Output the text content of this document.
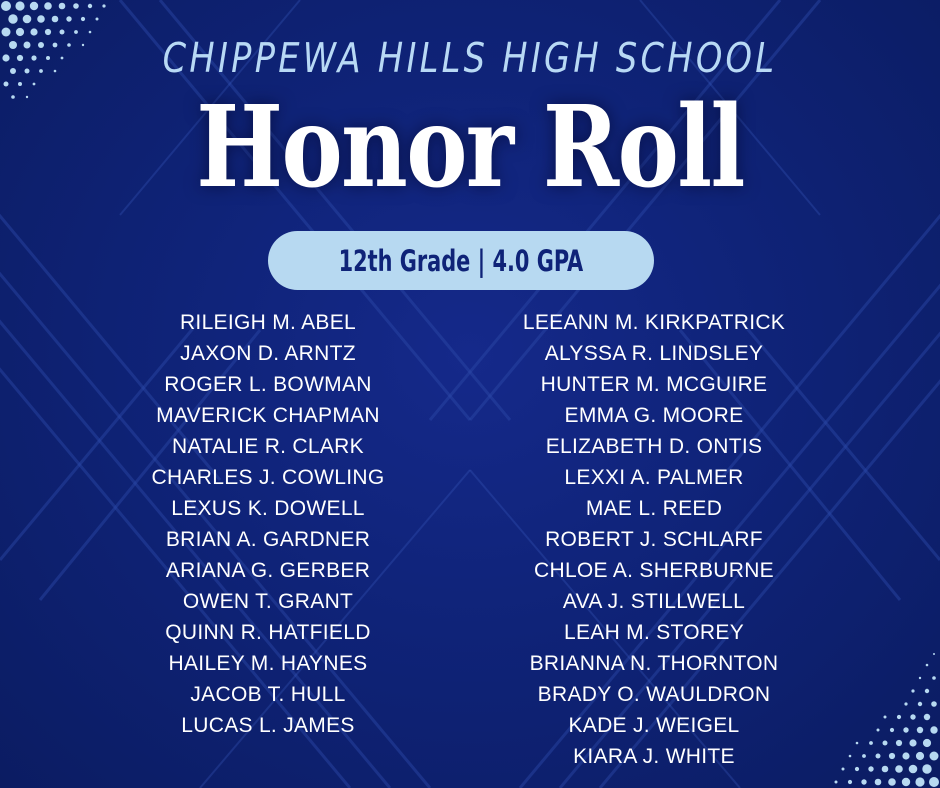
CHIPPEWA HILLS HIGH SCHOOL
Honor Roll
12th Grade | 4.0 GPA
RILEIGH M. ABEL
JAXON D. ARNTZ
ROGER L. BOWMAN
MAVERICK CHAPMAN
NATALIE R. CLARK
CHARLES J. COWLING
LEXUS K. DOWELL
BRIAN A. GARDNER
ARIANA G. GERBER
OWEN T. GRANT
QUINN R. HATFIELD
HAILEY M. HAYNES
JACOB T. HULL
LUCAS L. JAMES
LEEANN M. KIRKPATRICK
ALYSSA R. LINDSLEY
HUNTER M. MCGUIRE
EMMA G. MOORE
ELIZABETH D. ONTIS
LEXXI A. PALMER
MAE L. REED
ROBERT J. SCHLARF
CHLOE A. SHERBURNE
AVA J. STILLWELL
LEAH M. STOREY
BRIANNA N. THORNTON
BRADY O. WAULDRON
KADE J. WEIGEL
KIARA J. WHITE
